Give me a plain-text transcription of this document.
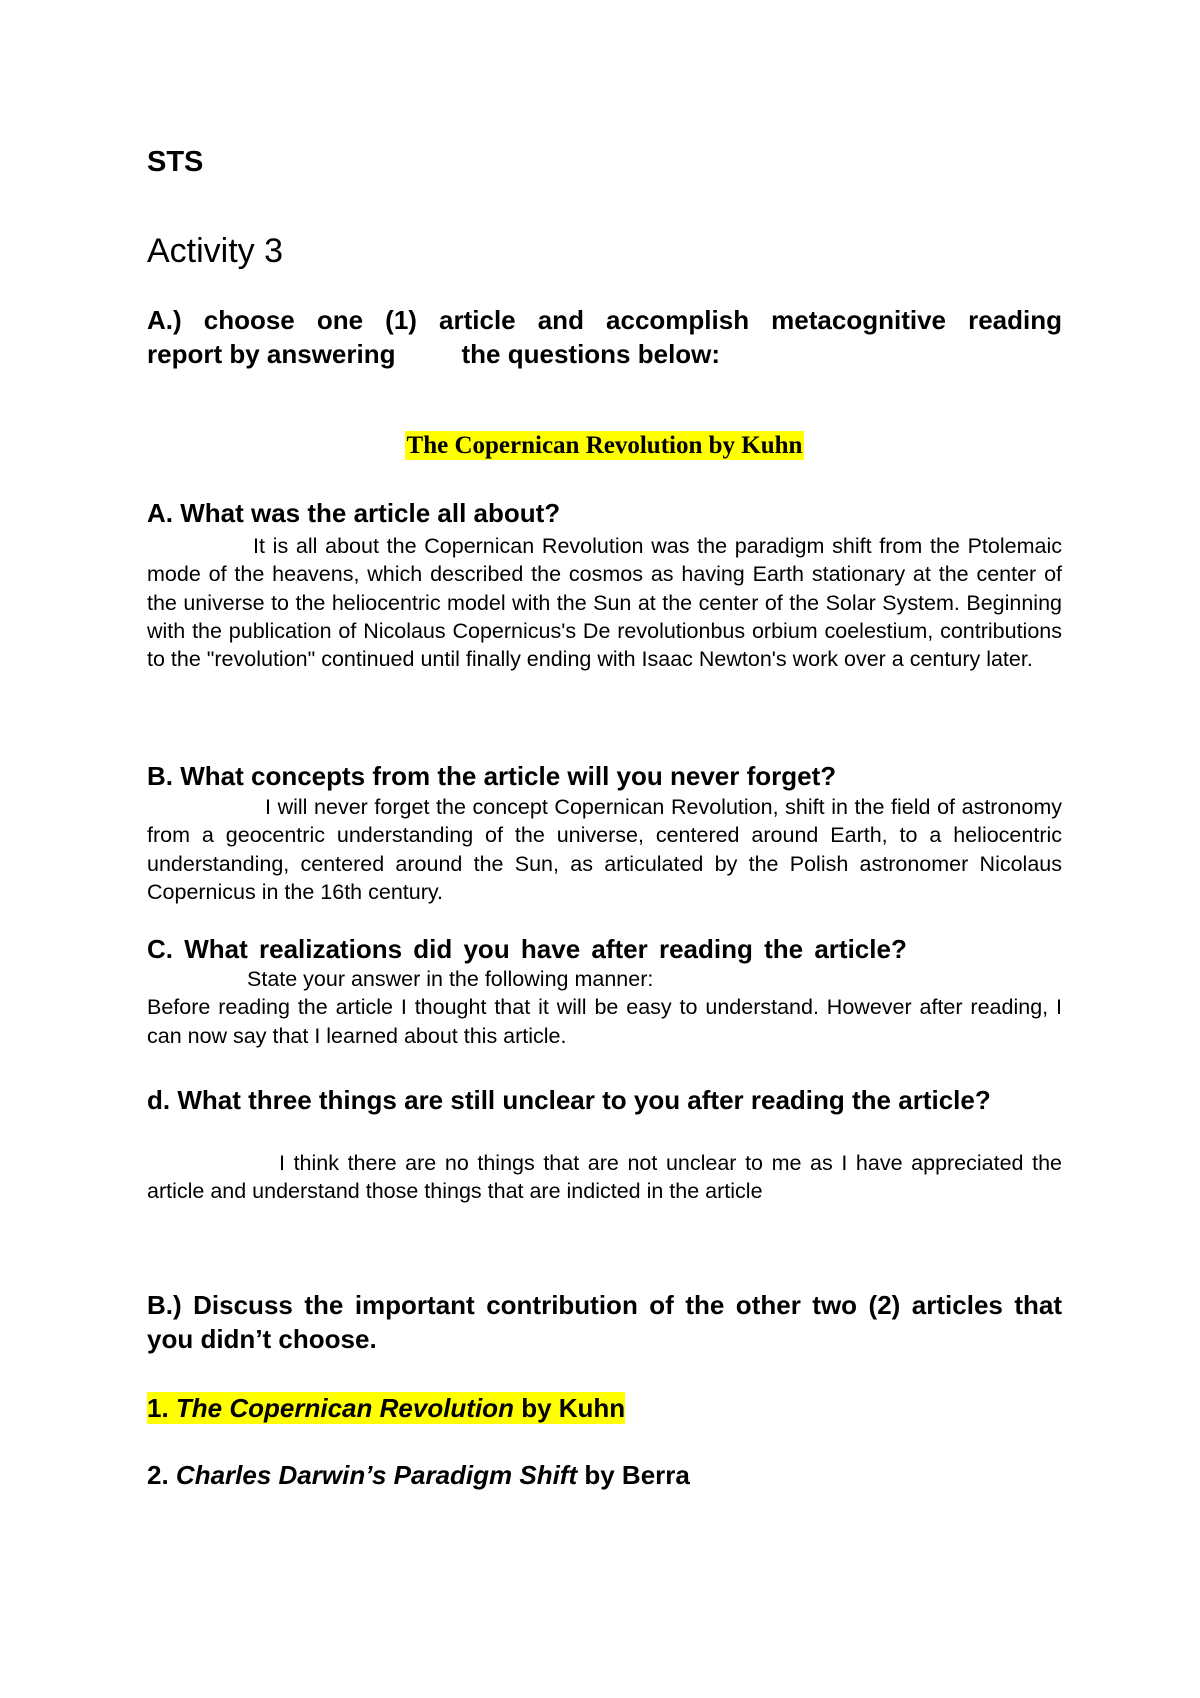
STS
Activity 3

A.) choose one (1) article and accomplish metacognitive reading
report by answering	the questions below:

The Copernican Revolution by Kuhn
A. What was the article all about?

It is all about the Copernican Revolution was the paradigm shift from the Ptolemaic mode of the heavens, which described the cosmos as having Earth stationary at the center of the universe to the heliocentric model with the Sun at the center of the Solar System. Beginning with the publication of Nicolaus Copernicus's De revolutionbus orbium coelestium, contributions to the "revolution" continued until finally ending with Isaac Newton's work over a century later.

B. What concepts from the article will you never forget?

I will never forget the concept Copernican Revolution, shift in the field of astronomy from a geocentric understanding of the universe, centered around Earth, to a heliocentric understanding, centered around the Sun, as articulated by the Polish astronomer Nicolaus Copernicus in the 16th century.

C. What realizations did you have after reading the article?

State your answer in the following manner:
Before reading the article I thought that it will be easy to understand. However after reading, I can now say that I learned about this article.

d. What three things are still unclear to you after reading the article?

I think there are no things that are not unclear to me as I have appreciated the article and understand those things that are indicted in the article

B.) Discuss the important contribution of the other two (2) articles that you didn’t choose.

1. The Copernican Revolution by Kuhn

2. Charles Darwin’s Paradigm Shift by Berra
